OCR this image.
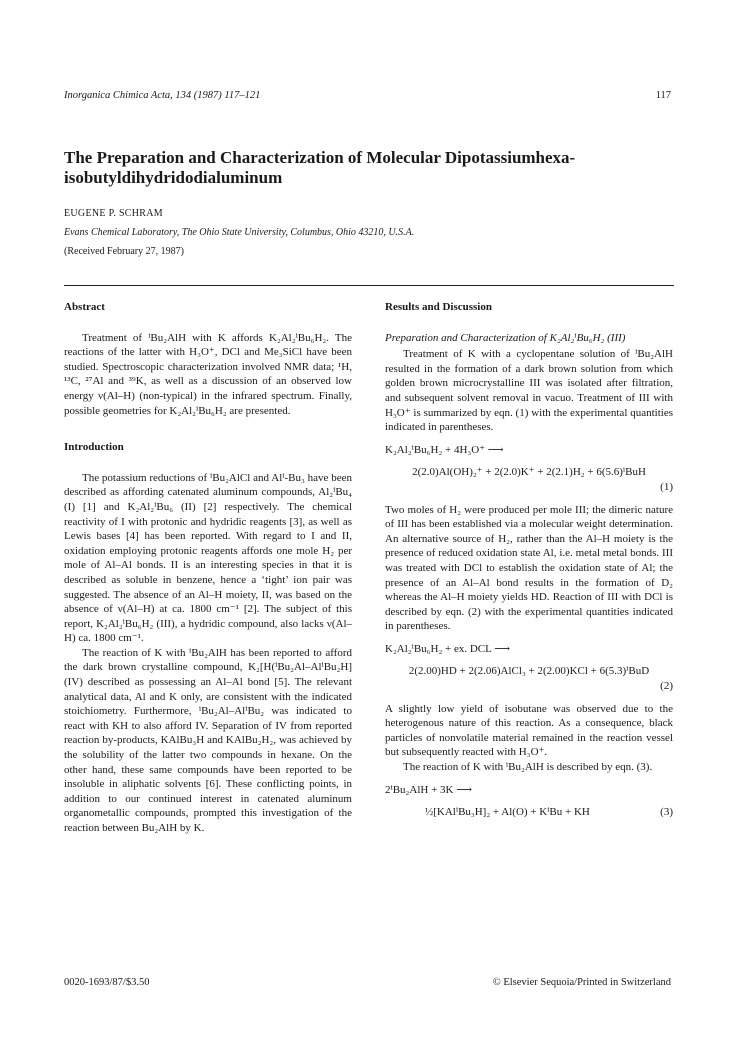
Inorganica Chimica Acta, 134 (1987) 117–121	117
The Preparation and Characterization of Molecular Dipotassiumhexa-isobutyldihydridodialuminum
EUGENE P. SCHRAM
Evans Chemical Laboratory, The Ohio State University, Columbus, Ohio 43210, U.S.A.
(Received February 27, 1987)
Abstract

Treatment of ⁱBu₂AlH with K affords K₂Al₂ⁱBu₆H₂. The reactions of the latter with H₃O⁺, DCl and Me₃SiCl have been studied. Spectroscopic characterization involved NMR data; ¹H, ¹³C, ²⁷Al and ³⁹K, as well as a discussion of an observed low energy ν(Al–H) (non-typical) in the infrared spectrum. Finally, possible geometries for K₂Al₂ⁱBu₆H₂ are presented.

Introduction

The potassium reductions of ⁱBu₂AlCl and Alⁱ-Bu₃ have been described as affording catenated aluminum compounds, Al₂ⁱBu₄ (I) [1] and K₂Al₂ⁱBu₆ (II) [2] respectively. The chemical reactivity of I with protonic and hydridic reagents [3], as well as Lewis bases [4] has been reported. With regard to I and II, oxidation employing protonic reagents affords one mole H₂ per mole of Al–Al bonds. II is an interesting species in that it is described as soluble in benzene, hence a ‘tight’ ion pair was suggested. The absence of an Al–H moiety, II, was based on the absence of ν(Al–H) at ca. 1800 cm⁻¹ [2]. The subject of this report, K₂Al₂ⁱBu₆H₂ (III), a hydridic compound, also lacks ν(Al–H) ca. 1800 cm⁻¹.

The reaction of K with ⁱBu₂AlH has been reported to afford the dark brown crystalline compound, K₂[H(ⁱBu₂Al–AlⁱBu₂H] (IV) described as possessing an Al–Al bond [5]. The relevant analytical data, Al and K only, are consistent with the indicated stoichiometry. Furthermore, ⁱBu₂Al–AlⁱBu₂ was indicated to react with KH to also afford IV. Separation of IV from reported reaction by-products, KAlBu₃H and KAlBu₂H₂, was achieved by the solubility of the latter two compounds in hexane. On the other hand, these same compounds have been reported to be insoluble in aliphatic solvents [6]. These conflicting points, in addition to our continued interest in catenated aluminum organometallic compounds, prompted this investigation of the reaction between Bu₂AlH by K.

Results and Discussion

Preparation and Characterization of K₂Al₂ⁱBu₆H₂ (III)

Treatment of K with a cyclopentane solution of ⁱBu₂AlH resulted in the formation of a dark brown solution from which golden brown microcrystalline III was isolated after filtration, and subsequent solvent removal in vacuo. Treatment of III with H₃O⁺ is summarized by eqn. (1) with the experimental quantities indicated in parentheses.

K₂Al₂ⁱBu₆H₂ + 4H₃O⁺ ⟶
2(2.0)Al(OH)₂⁺ + 2(2.0)K⁺ + 2(2.1)H₂ + 6(5.6)ⁱBuH
(1)

Two moles of H₂ were produced per mole III; the dimeric nature of III has been established via a molecular weight determination. An alternative source of H₂, rather than the Al–H moiety is the presence of reduced oxidation state Al, i.e. metal metal bonds. III was treated with DCl to establish the oxidation state of Al; the presence of an Al–Al bond results in the formation of D₂ whereas the Al–H moiety yields HD. Reaction of III with DCl is described by eqn. (2) with the experimental quantities indicated in parentheses.

K₂Al₂ⁱBu₆H₂ + ex. DCL ⟶
2(2.00)HD + 2(2.06)AlCl₃ + 2(2.00)KCl + 6(5.3)ⁱBuD
(2)

A slightly low yield of isobutane was observed due to the heterogenous nature of this reaction. As a consequence, black particles of nonvolatile material remained in the reaction vessel but subsequently reacted with H₃O⁺.

The reaction of K with ⁱBu₂AlH is described by eqn. (3).

2ⁱBu₂AlH + 3K ⟶
½[KAlⁱBu₃H]₂ + Al(O) + KⁱBu + KH	(3)
0020-1693/87/$3.50	© Elsevier Sequoia/Printed in Switzerland
